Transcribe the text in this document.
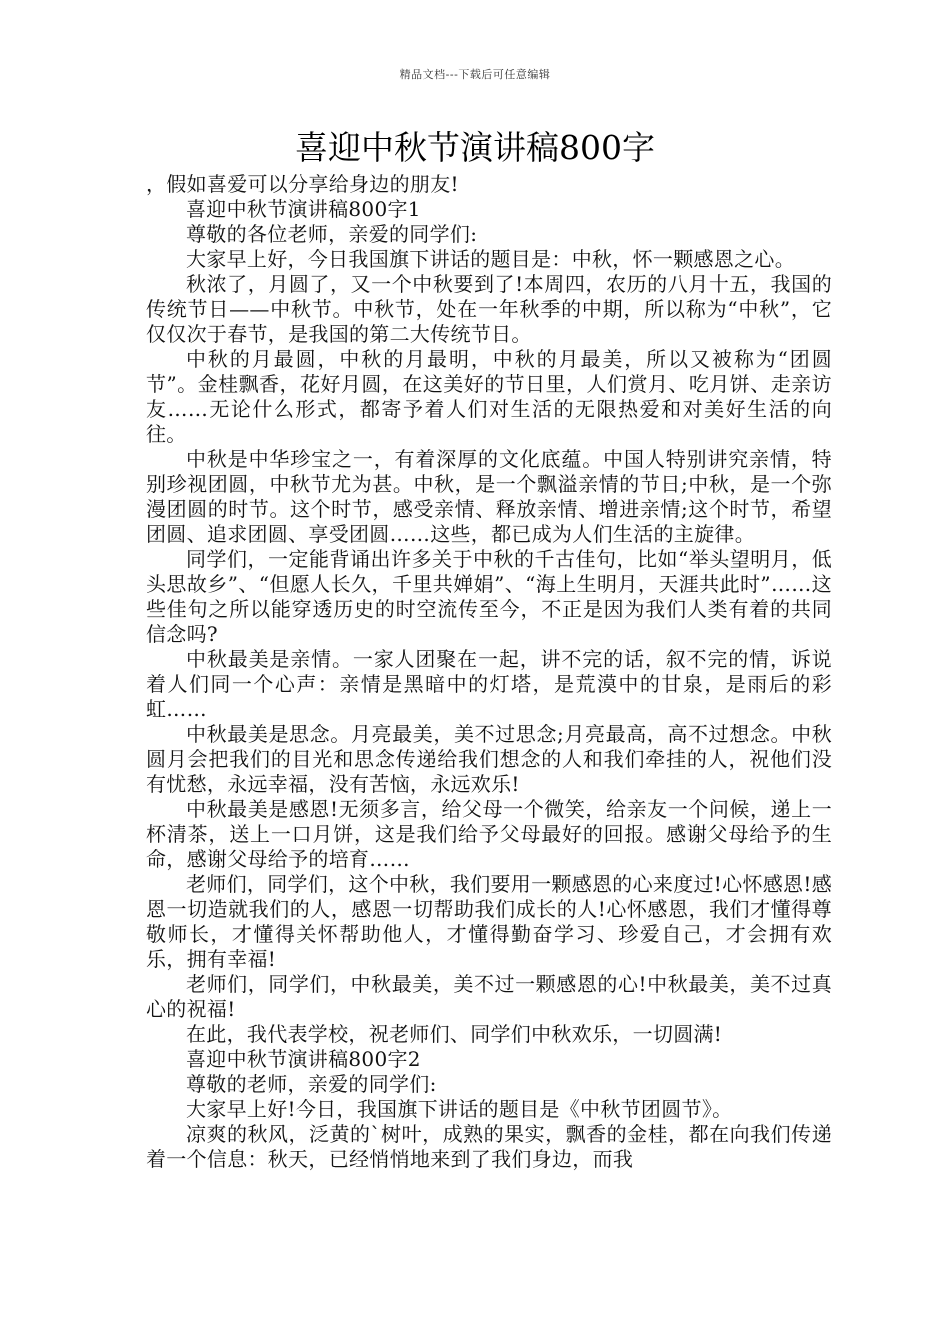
精品文档---下载后可任意编辑
喜迎中秋节演讲稿800字

，假如喜爱可以分享给身边的朋友!

喜迎中秋节演讲稿800字1

尊敬的各位老师，亲爱的同学们:

大家早上好，今日我国旗下讲话的题目是：中秋，怀一颗感恩之心。

秋浓了，月圆了，又一个中秋要到了!本周四，农历的八月十五，我国的传统节日——中秋节。中秋节，处在一年秋季的中期，所以称为“中秋”，它仅仅次于春节，是我国的第二大传统节日。

中秋的月最圆，中秋的月最明，中秋的月最美，所以又被称为“团圆节”。金桂飘香，花好月圆，在这美好的节日里，人们赏月、吃月饼、走亲访友……无论什么形式，都寄予着人们对生活的无限热爱和对美好生活的向往。

中秋是中华珍宝之一，有着深厚的文化底蕴。中国人特别讲究亲情，特别珍视团圆，中秋节尤为甚。中秋，是一个飘溢亲情的节日;中秋，是一个弥漫团圆的时节。这个时节，感受亲情、释放亲情、增进亲情;这个时节，希望团圆、追求团圆、享受团圆……这些，都已成为人们生活的主旋律。

同学们，一定能背诵出许多关于中秋的千古佳句，比如“举头望明月，低头思故乡”、“但愿人长久，千里共婵娟”、“海上生明月，天涯共此时”……这些佳句之所以能穿透历史的时空流传至今，不正是因为我们人类有着的共同信念吗?

中秋最美是亲情。一家人团聚在一起，讲不完的话，叙不完的情，诉说着人们同一个心声：亲情是黑暗中的灯塔，是荒漠中的甘泉，是雨后的彩虹……

中秋最美是思念。月亮最美，美不过思念;月亮最高，高不过想念。中秋圆月会把我们的目光和思念传递给我们想念的人和我们牵挂的人，祝他们没有忧愁，永远幸福，没有苦恼，永远欢乐!

中秋最美是感恩!无须多言，给父母一个微笑，给亲友一个问候，递上一杯清茶，送上一口月饼，这是我们给予父母最好的回报。感谢父母给予的生命，感谢父母给予的培育……

老师们，同学们，这个中秋，我们要用一颗感恩的心来度过!心怀感恩!感恩一切造就我们的人，感恩一切帮助我们成长的人!心怀感恩，我们才懂得尊敬师长，才懂得关怀帮助他人，才懂得勤奋学习、珍爱自己，才会拥有欢乐，拥有幸福!

老师们，同学们，中秋最美，美不过一颗感恩的心!中秋最美，美不过真心的祝福!

在此，我代表学校，祝老师们、同学们中秋欢乐，一切圆满!

喜迎中秋节演讲稿800字2

尊敬的老师，亲爱的同学们:

大家早上好!今日，我国旗下讲话的题目是《中秋节团圆节》。

凉爽的秋风，泛黄的`树叶，成熟的果实，飘香的金桂，都在向我们传递着一个信息：秋天，已经悄悄地来到了我们身边，而我
